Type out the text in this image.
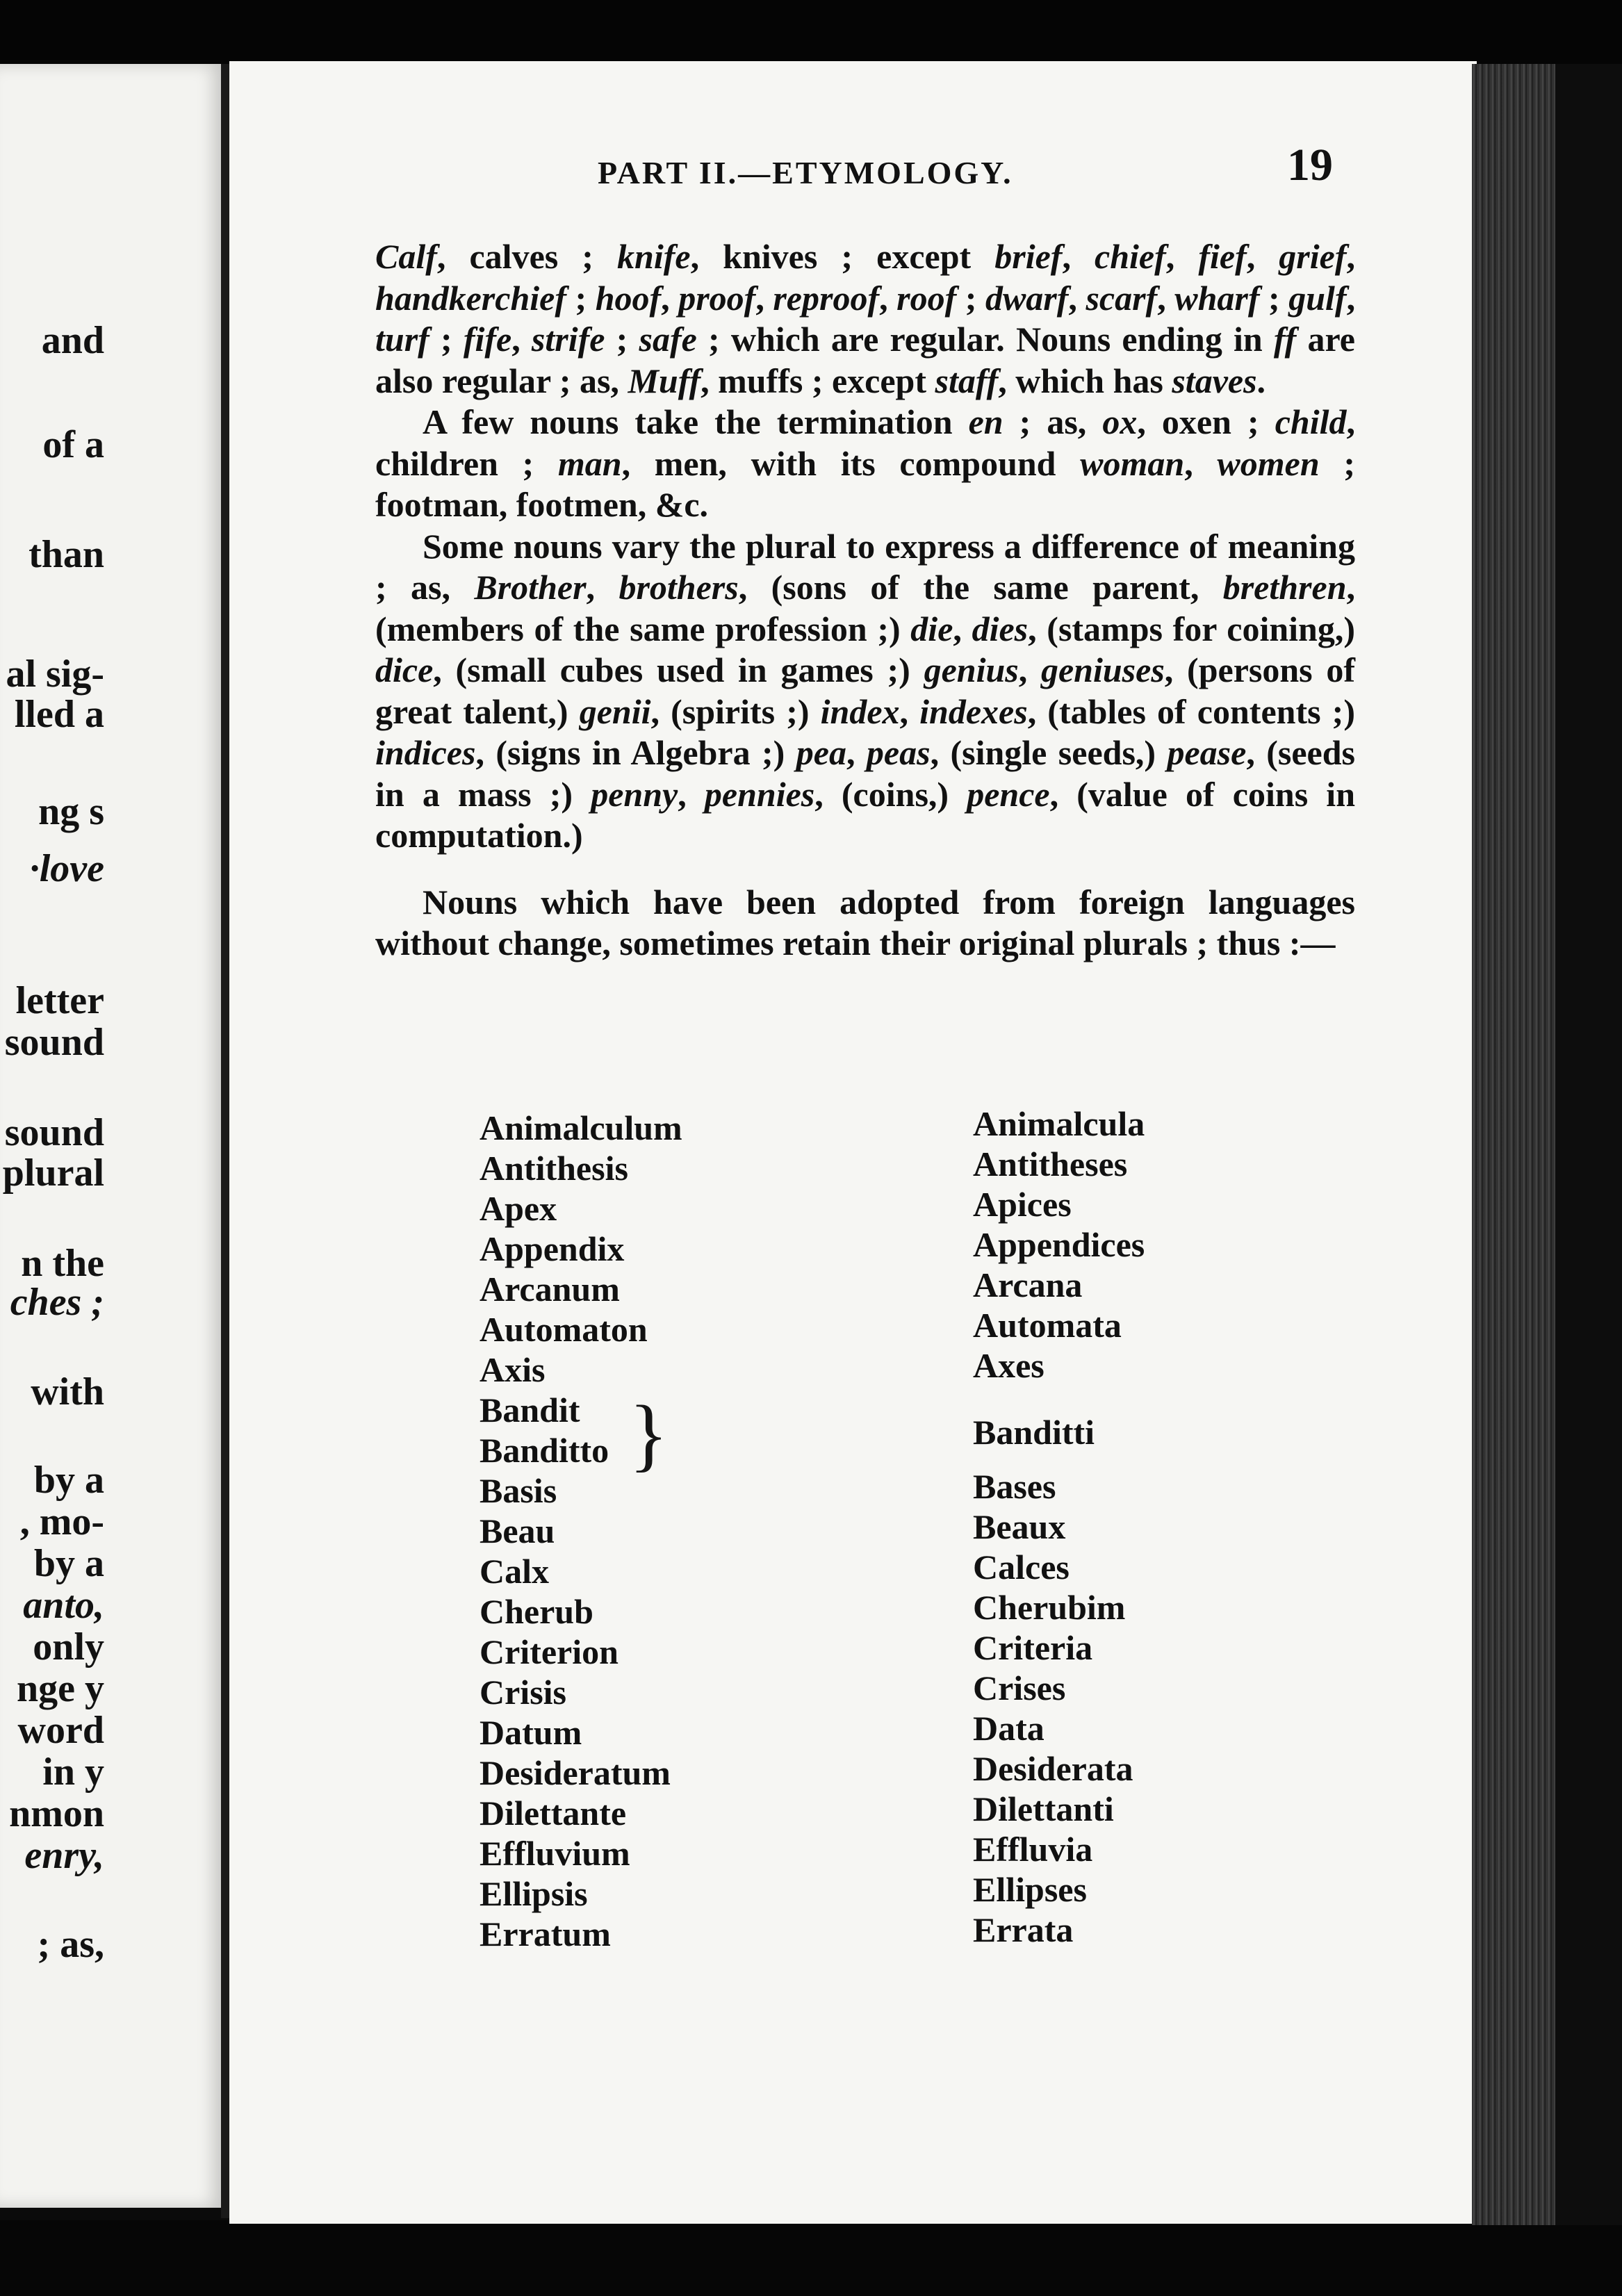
and
of a
than
al sig-
lled a
ng s
·love
letter
sound
sound
plural
n the
ches ;
with
by a
, mo-
by a
anto,
only
nge y
word
in y
nmon
enry,
; as,
PART II.—ETYMOLOGY.	19

Calf, calves ; knife, knives ; except brief, chief, fief, grief, handkerchief ; hoof, proof, reproof, roof ; dwarf, scarf, wharf ; gulf, turf ; fife, strife ; safe ; which are regular. Nouns ending in ff are also regular ; as, Muff, muffs ; except staff, which has staves.

A few nouns take the termination en ; as, ox, oxen ; child, children ; man, men, with its compound woman, women ; footman, footmen, &c.

Some nouns vary the plural to express a difference of meaning ; as, Brother, brothers, (sons of the same parent, brethren, (members of the same profession ;) die, dies, (stamps for coining,) dice, (small cubes used in games ;) genius, geniuses, (persons of great talent,) genii, (spirits ;) index, indexes, (tables of contents ;) indices, (signs in Algebra ;) pea, peas, (single seeds,) pease, (seeds in a mass ;) penny, pennies, (coins,) pence, (value of coins in computation.)

Nouns which have been adopted from foreign languages without change, sometimes retain their original plurals ; thus :—

}
Animalculum	Animalcula
Antithesis	Antitheses
Apex	Apices
Appendix	Appendices
Arcanum	Arcana
Automaton	Automata
Axis	Axes
Bandit
Banditto	Banditti
Basis	Bases
Beau	Beaux
Calx	Calces
Cherub	Cherubim
Criterion	Criteria
Crisis	Crises
Datum	Data
Desideratum	Desiderata
Dilettante	Dilettanti
Effluvium	Effluvia
Ellipsis	Ellipses
Erratum	Errata
